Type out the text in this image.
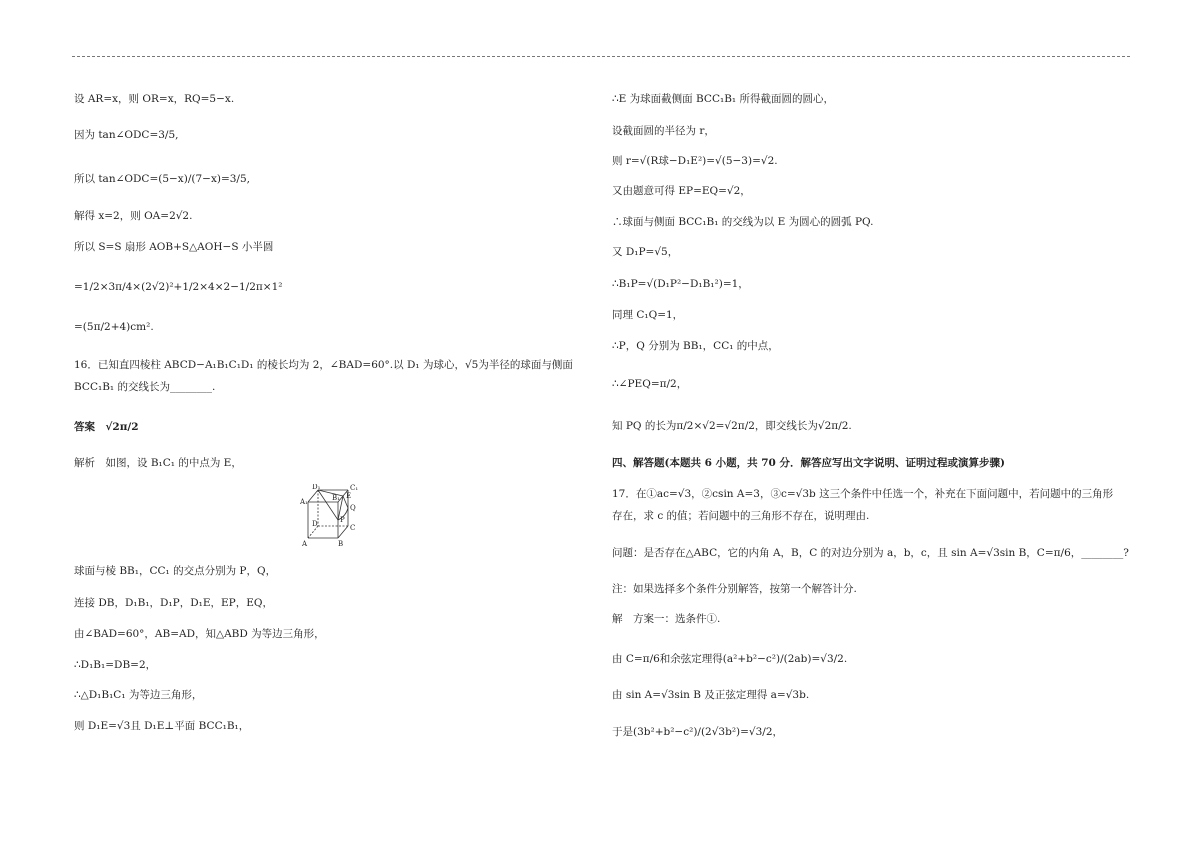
设 AR=x，则 OR=x，RQ=5−x.
因为 tan∠ODC=3/5,
所以 tan∠ODC=(5−x)/(7−x)=3/5,
解得 x=2，则 OA=2√2.
所以 S=S 扇形 AOB+S△AOH−S 小半圆
=1/2×3π/4×(2√2)²+1/2×4×2−1/2π×1²
=(5π/2+4)cm².
16．已知直四棱柱 ABCD−A₁B₁C₁D₁ 的棱长均为 2，∠BAD=60°.以 D₁ 为球心，√5为半径的球面与侧面 BCC₁B₁ 的交线长为________.
答案　√2π/2
解析　如图，设 B₁C₁ 的中点为 E，
D₁
A₁	B₁
C₁
E
P
Q
D	C
A	B
球面与棱 BB₁，CC₁ 的交点分别为 P，Q，
连接 DB，D₁B₁，D₁P，D₁E，EP，EQ，
由∠BAD=60°，AB=AD，知△ABD 为等边三角形，
∴D₁B₁=DB=2，
∴△D₁B₁C₁ 为等边三角形，
则 D₁E=√3且 D₁E⊥平面 BCC₁B₁，
∴E 为球面截侧面 BCC₁B₁ 所得截面圆的圆心，
设截面圆的半径为 r，
则 r=√(R球−D₁E²)=√(5−3)=√2.
又由题意可得 EP=EQ=√2，
∴球面与侧面 BCC₁B₁ 的交线为以 E 为圆心的圆弧 PQ.
又 D₁P=√5，
∴B₁P=√(D₁P²−D₁B₁²)=1，
同理 C₁Q=1，
∴P，Q 分别为 BB₁，CC₁ 的中点，
∴∠PEQ=π/2，
知 PQ 的长为π/2×√2=√2π/2，即交线长为√2π/2.
四、解答题(本题共 6 小题，共 70 分．解答应写出文字说明、证明过程或演算步骤)
17．在①ac=√3，②csin A=3，③c=√3b 这三个条件中任选一个，补充在下面问题中，若问题中的三角形存在，求 c 的值；若问题中的三角形不存在，说明理由.
问题：是否存在△ABC，它的内角 A，B，C 的对边分别为 a，b，c，且 sin A=√3sin B，C=π/6，________?
注：如果选择多个条件分别解答，按第一个解答计分.
解　方案一：选条件①.
由 C=π/6和余弦定理得(a²+b²−c²)/(2ab)=√3/2.
由 sin A=√3sin B 及正弦定理得 a=√3b.
于是(3b²+b²−c²)/(2√3b²)=√3/2，
